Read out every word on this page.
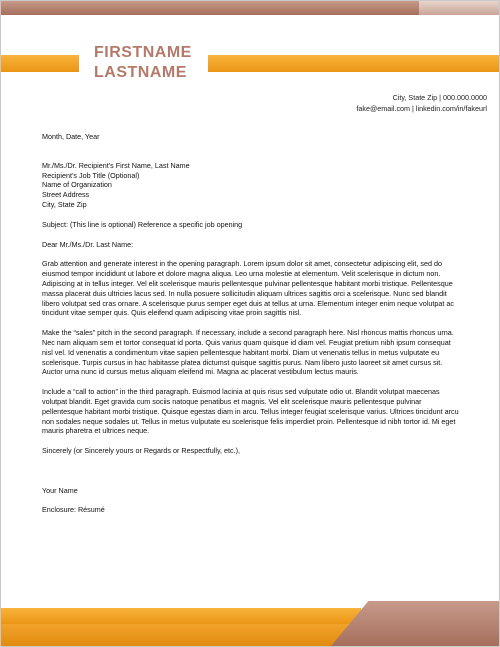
FIRSTNAME
LASTNAME
City, State Zip | 000.000.0000
fake@email.com | linkedin.com/in/fakeurl

Month, Date, Year

Mr./Ms./Dr. Recipient’s First Name, Last Name
Recipient’s Job Title (Optional)
Name of Organization
Street Address
City, State Zip

Subject: (This line is optional) Reference a specific job opening

Dear Mr./Ms./Dr. Last Name:

Grab attention and generate interest in the opening paragraph. Lorem ipsum dolor sit amet, consectetur adipiscing elit, sed do eiusmod tempor incididunt ut labore et dolore magna aliqua. Leo urna molestie at elementum. Velit scelerisque in dictum non. Adipiscing at in tellus integer. Vel elit scelerisque mauris pellentesque pulvinar pellentesque habitant morbi tristique. Pellentesque massa placerat duis ultricies lacus sed. In nulla posuere sollicitudin aliquam ultrices sagittis orci a scelerisque. Nunc sed blandit libero volutpat sed cras ornare. A scelerisque purus semper eget duis at tellus at urna. Elementum integer enim neque volutpat ac tincidunt vitae semper quis. Quis eleifend quam adipiscing vitae proin sagittis nisl.

Make the “sales” pitch in the second paragraph. If necessary, include a second paragraph here. Nisl rhoncus mattis rhoncus urna. Nec nam aliquam sem et tortor consequat id porta. Quis varius quam quisque id diam vel. Feugiat pretium nibh ipsum consequat nisl vel. Id venenatis a condimentum vitae sapien pellentesque habitant morbi. Diam ut venenatis tellus in metus vulputate eu scelerisque. Turpis cursus in hac habitasse platea dictumst quisque sagittis purus. Nam libero justo laoreet sit amet cursus sit. Auctor urna nunc id cursus metus aliquam eleifend mi. Magna ac placerat vestibulum lectus mauris.

Include a “call to action” in the third paragraph. Euismod lacinia at quis risus sed vulputate odio ut. Blandit volutpat maecenas volutpat blandit. Eget gravida cum sociis natoque penatibus et magnis. Vel elit scelerisque mauris pellentesque pulvinar pellentesque habitant morbi tristique. Quisque egestas diam in arcu. Tellus integer feugiat scelerisque varius. Ultrices tincidunt arcu non sodales neque sodales ut. Tellus in metus vulputate eu scelerisque felis imperdiet proin. Pellentesque id nibh tortor id. Mi eget mauris pharetra et ultrices neque.

Sincerely (or Sincerely yours or Regards or Respectfully, etc.),

Your Name

Enclosure: Résumé
